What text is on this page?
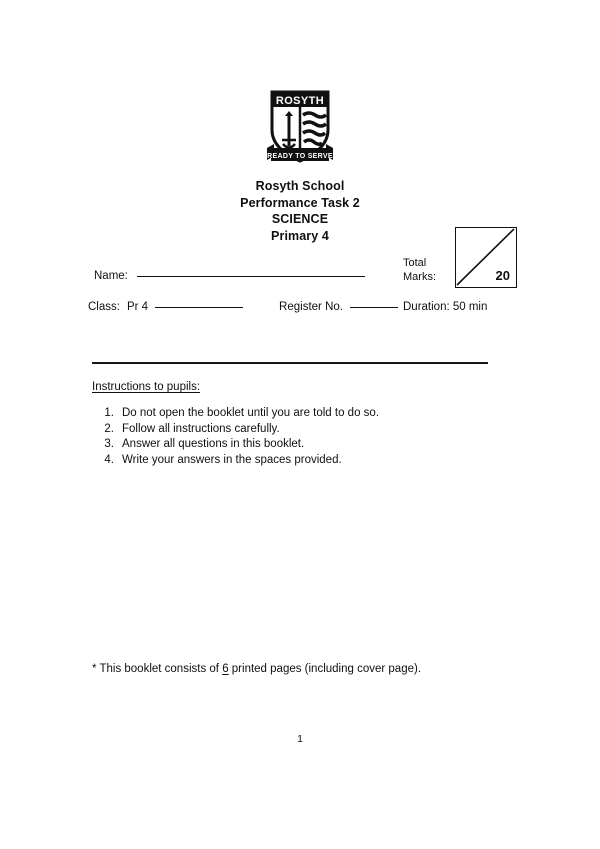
ROSYTH
READY TO SERVE
Rosyth School
Performance Task 2
SCIENCE
Primary 4
Total
Marks:	20
Name:
Class: Pr 4	Register No.	Duration: 50 min
Instructions to pupils:
1. Do not open the booklet until you are told to do so.
2. Follow all instructions carefully.
3. Answer all questions in this booklet.
4. Write your answers in the spaces provided.
* This booklet consists of 6 printed pages (including cover page).
1
